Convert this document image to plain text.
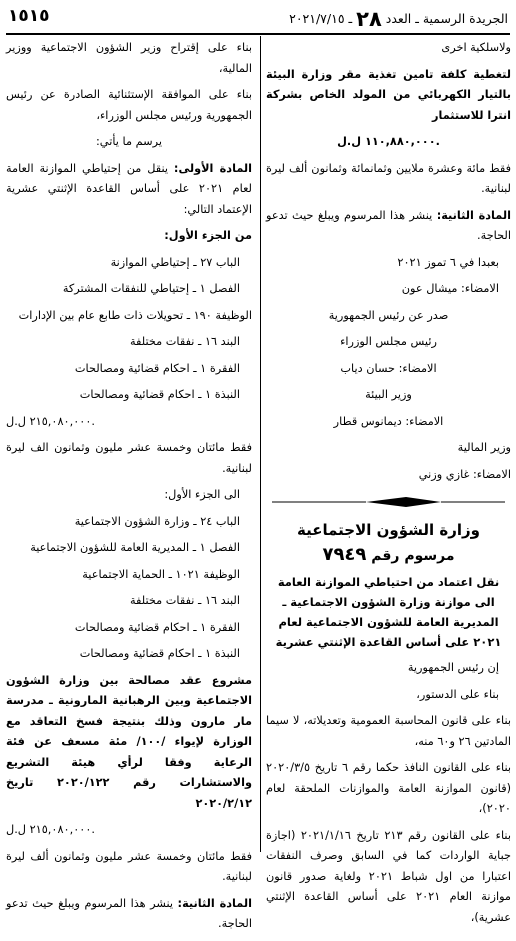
الجريدة الرسمية ـ العدد ٢٨ ـ ٢٠٢١/٧/١٥
١٥١٥

ولاسلكية اخرى

لتغطية كلفة تامين تغذية مقر وزارة البيئة بالتيار الكهربائي من المولد الخاص بشركة انترا للاستثمار

١١٠,٨٨٠,٠٠٠ ل.ل.

فقط مائة وعشرة ملايين وثمانمائة وثمانون ألف ليرة لبنانية.

المادة الثانية: ينشر هذا المرسوم ويبلغ حيث تدعو الحاجة.

بعبدا في ٦ تموز ٢٠٢١

الامضاء: ميشال عون

صدر عن رئيس الجمهورية

رئيس مجلس الوزراء

الامضاء: حسان دياب

وزير البيئة

الامضاء: ديمانوس قطار

وزير المالية

الامضاء: غازي وزني

وزارة الشؤون الاجتماعية

مرسوم رقم ٧٩٤٩

نقل اعتماد من احتياطي الموازنة العامة الى موازنة وزارة الشؤون الاجتماعية ـ المديرية العامة للشؤون الاجتماعية لعام ٢٠٢١ على أساس القاعدة الإثنتي عشرية

إن رئيس الجمهورية

بناء على الدستور،

بناء على قانون المحاسبة العمومية وتعديلاته، لا سيما المادتين ٢٦ و٦٠ منه،

بناء على القانون النافذ حكما رقم ٦ تاريخ ٢٠٢٠/٣/٥ (قانون الموازنة العامة والموازنات الملحقة لعام ٢٠٢٠)،

بناء على القانون رقم ٢١٣ تاريخ ٢٠٢١/١/١٦ (اجازة جباية الواردات كما في السابق وصرف النفقات اعتبارا من اول شباط ٢٠٢١ ولغاية صدور قانون موازنة العام ٢٠٢١ على أساس القاعدة الإثنتي عشرية)،

بناء على إقتراح وزير الشؤون الاجتماعية ووزير المالية،

بناء على الموافقة الإستثنائية الصادرة عن رئيس الجمهورية ورئيس مجلس الوزراء،

يرسم ما يأتي:

المادة الأولى: ينقل من إحتياطي الموازنة العامة لعام ٢٠٢١ على أساس القاعدة الإثنتي عشرية الإعتماد التالي:

من الجزء الأول:

الباب ٢٧ ـ إحتياطي الموازنة

الفصل ١ ـ إحتياطي للنفقات المشتركة

الوظيفة ١٩٠ ـ تحويلات ذات طابع عام بين الإدارات

البند ١٦ ـ نفقات مختلفة

الفقرة ١ ـ احكام قضائية ومصالحات

النبذة ١ ـ احكام قضائية ومصالحات

٢١٥,٠٨٠,٠٠٠ ل.ل.

فقط مائتان وخمسة عشر مليون وثمانون الف ليرة لبنانية.

الى الجزء الأول:

الباب ٢٤ ـ وزارة الشؤون الاجتماعية

الفصل ١ ـ المديرية العامة للشؤون الاجتماعية

الوظيفة ١٠٢١ ـ الحماية الاجتماعية

البند ١٦ ـ نفقات مختلفة

الفقرة ١ ـ احكام قضائية ومصالحات

النبذة ١ ـ احكام قضائية ومصالحات

مشروع عقد مصالحة بين وزارة الشؤون الاجتماعية وبين الرهبانية المارونية ـ مدرسة مار مارون وذلك بنتيجة فسخ التعاقد مع الوزارة لإيواء /١٠٠/ مئة مسعف عن فئة الرعاية وفقا لرأي هيئة التشريع والاستشارات رقم ٢٠٢٠/١٢٢ تاريخ ٢٠٢٠/٢/١٢

٢١٥,٠٨٠,٠٠٠ ل.ل.

فقط مائتان وخمسة عشر مليون وثمانون ألف ليرة لبنانية.

المادة الثانية: ينشر هذا المرسوم ويبلغ حيث تدعو الحاجة.
